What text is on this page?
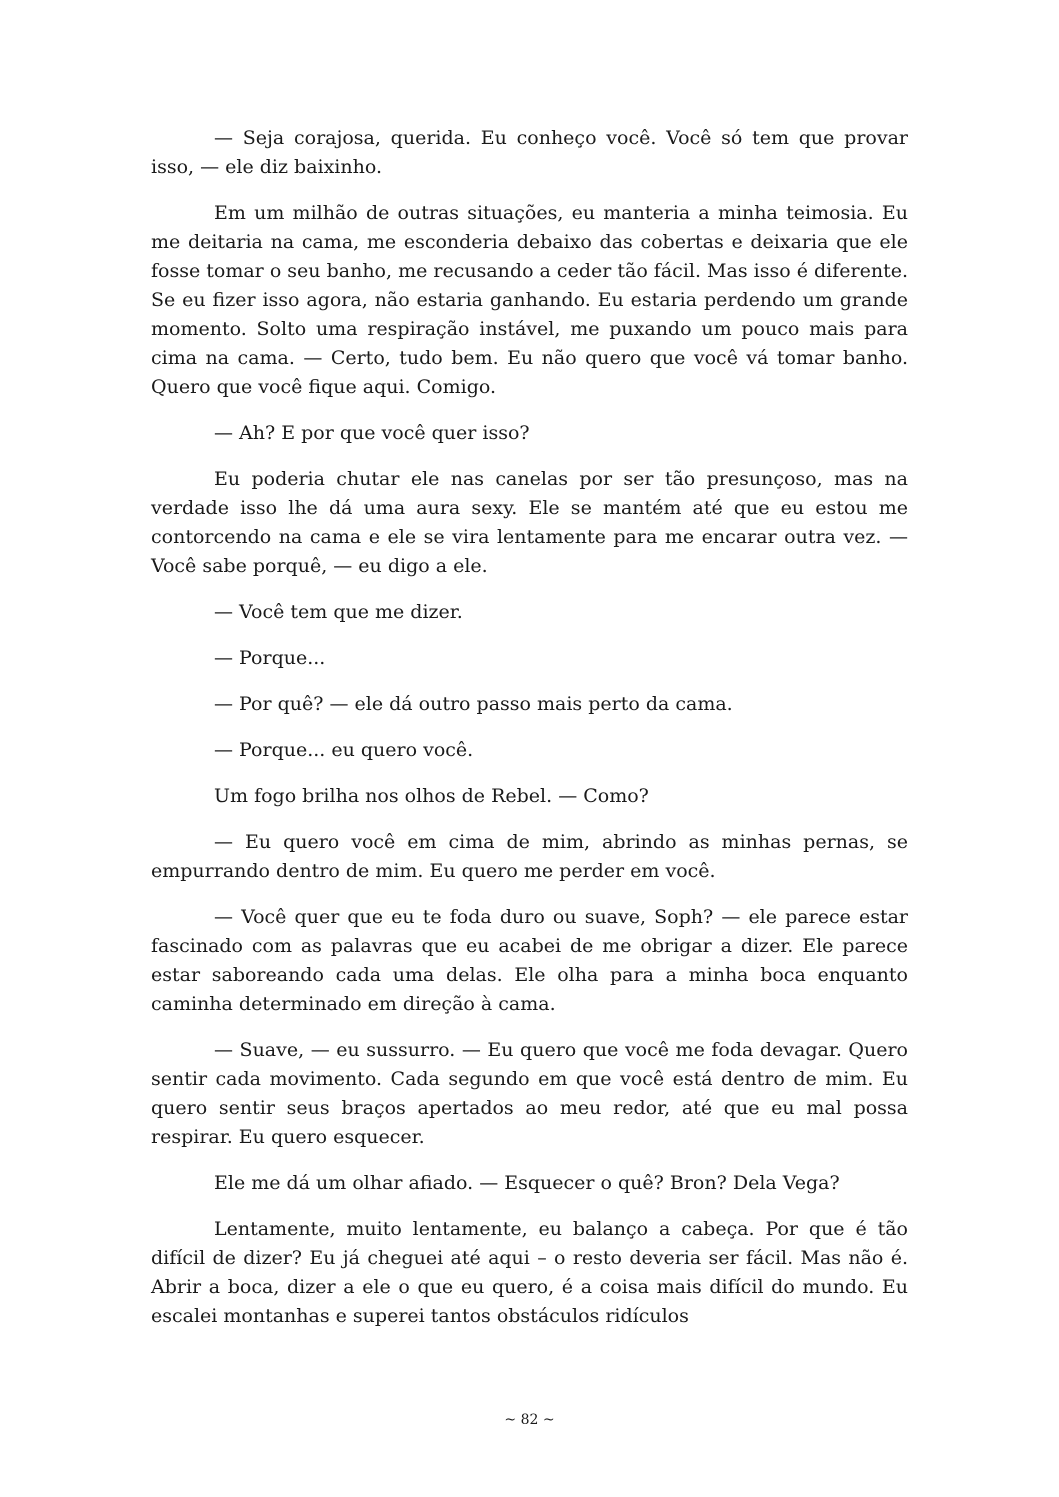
— Seja corajosa, querida. Eu conheço você. Você só tem que provar isso, — ele diz baixinho.

Em um milhão de outras situações, eu manteria a minha teimosia. Eu me deitaria na cama, me esconderia debaixo das cobertas e deixaria que ele fosse tomar o seu banho, me recusando a ceder tão fácil. Mas isso é diferente. Se eu fizer isso agora, não estaria ganhando. Eu estaria perdendo um grande momento. Solto uma respiração instável, me puxando um pouco mais para cima na cama. — Certo, tudo bem. Eu não quero que você vá tomar banho. Quero que você fique aqui. Comigo.

— Ah? E por que você quer isso?

Eu poderia chutar ele nas canelas por ser tão presunçoso, mas na verdade isso lhe dá uma aura sexy. Ele se mantém até que eu estou me contorcendo na cama e ele se vira lentamente para me encarar outra vez. — Você sabe porquê, — eu digo a ele.

— Você tem que me dizer.

— Porque...

— Por quê? — ele dá outro passo mais perto da cama.

— Porque... eu quero você.

Um fogo brilha nos olhos de Rebel. — Como?

— Eu quero você em cima de mim, abrindo as minhas pernas, se empurrando dentro de mim. Eu quero me perder em você.

— Você quer que eu te foda duro ou suave, Soph? — ele parece estar fascinado com as palavras que eu acabei de me obrigar a dizer. Ele parece estar saboreando cada uma delas. Ele olha para a minha boca enquanto caminha determinado em direção à cama.

— Suave, — eu sussurro. — Eu quero que você me foda devagar. Quero sentir cada movimento. Cada segundo em que você está dentro de mim. Eu quero sentir seus braços apertados ao meu redor, até que eu mal possa respirar. Eu quero esquecer.

Ele me dá um olhar afiado. — Esquecer o quê? Bron? Dela Vega?

Lentamente, muito lentamente, eu balanço a cabeça. Por que é tão difícil de dizer? Eu já cheguei até aqui – o resto deveria ser fácil. Mas não é. Abrir a boca, dizer a ele o que eu quero, é a coisa mais difícil do mundo. Eu escalei montanhas e superei tantos obstáculos ridículos

~ 82 ~
